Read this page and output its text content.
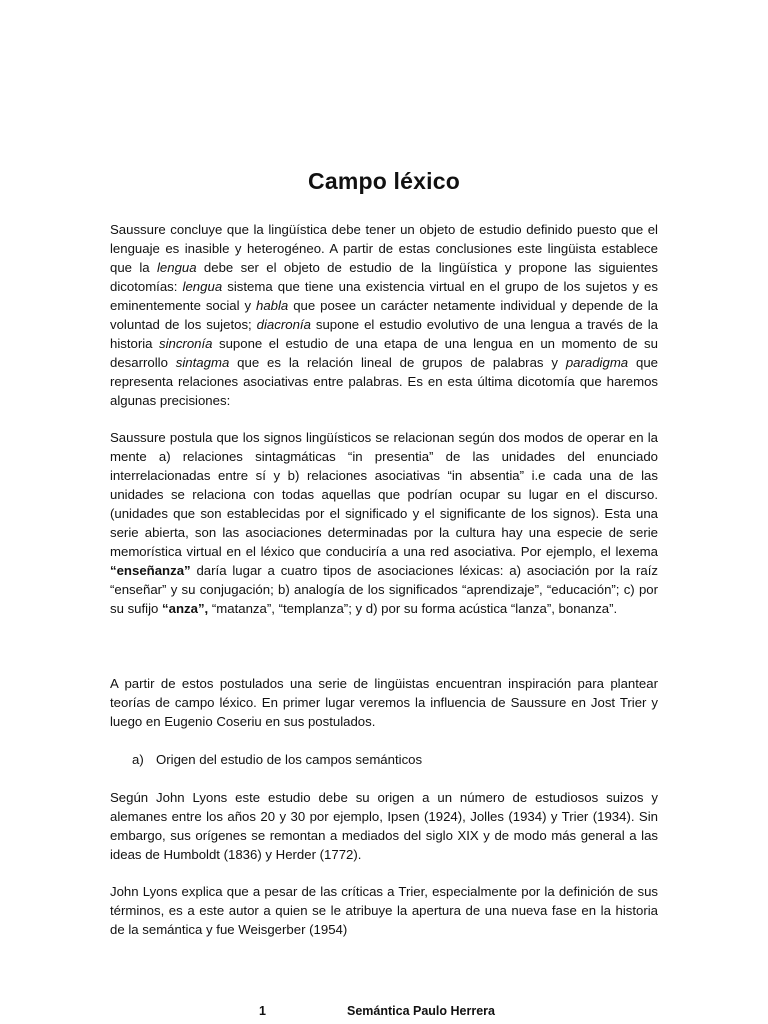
Campo léxico

Saussure concluye que la lingüística debe tener un objeto de estudio definido puesto que el lenguaje es inasible y heterogéneo. A partir de estas conclusiones este lingüista establece que la lengua debe ser el objeto de estudio de la lingüística y propone las siguientes dicotomías: lengua sistema que tiene una existencia virtual en el grupo de los sujetos y es eminentemente social y habla que posee un carácter netamente individual y depende de la voluntad de los sujetos; diacronía supone el estudio evolutivo de una lengua a través de la historia sincronía supone el estudio de una etapa de una lengua en un momento de su desarrollo sintagma que es la relación lineal de grupos de palabras y paradigma que representa relaciones asociativas entre palabras. Es en esta última dicotomía que haremos algunas precisiones:

Saussure postula que los signos lingüísticos se relacionan según dos modos de operar en la mente a) relaciones sintagmáticas “in presentia” de las unidades del enunciado interrelacionadas entre sí y b) relaciones asociativas “in absentia” i.e cada una de las unidades se relaciona con todas aquellas que podrían ocupar su lugar en el discurso. (unidades que son establecidas por el significado y el significante de los signos). Esta una serie abierta, son las asociaciones determinadas por la cultura hay una especie de serie memorística virtual en el léxico que conduciría a una red asociativa. Por ejemplo, el lexema “enseñanza” daría lugar a cuatro tipos de asociaciones léxicas: a) asociación por la raíz “enseñar” y su conjugación; b) analogía de los significados “aprendizaje”, “educación”; c) por su sufijo “anza”, “matanza”, “templanza”; y d) por su forma acústica “lanza”, bonanza”.

A partir de estos postulados una serie de lingüistas encuentran inspiración para plantear teorías de campo léxico. En primer lugar veremos la influencia de Saussure en Jost Trier y luego en Eugenio Coseriu en sus postulados.

a) Origen del estudio de los campos semánticos

Según John Lyons este estudio debe su origen a un número de estudiosos suizos y alemanes entre los años 20 y 30 por ejemplo, Ipsen (1924), Jolles (1934) y Trier (1934). Sin embargo, sus orígenes se remontan a mediados del siglo XIX y de modo más general a las ideas de Humboldt (1836) y Herder (1772).

John Lyons explica que a pesar de las críticas a Trier, especialmente por la definición de sus términos, es a este autor a quien se le atribuye la apertura de una nueva fase en la historia de la semántica y fue Weisgerber (1954)

1	Semántica Paulo Herrera
